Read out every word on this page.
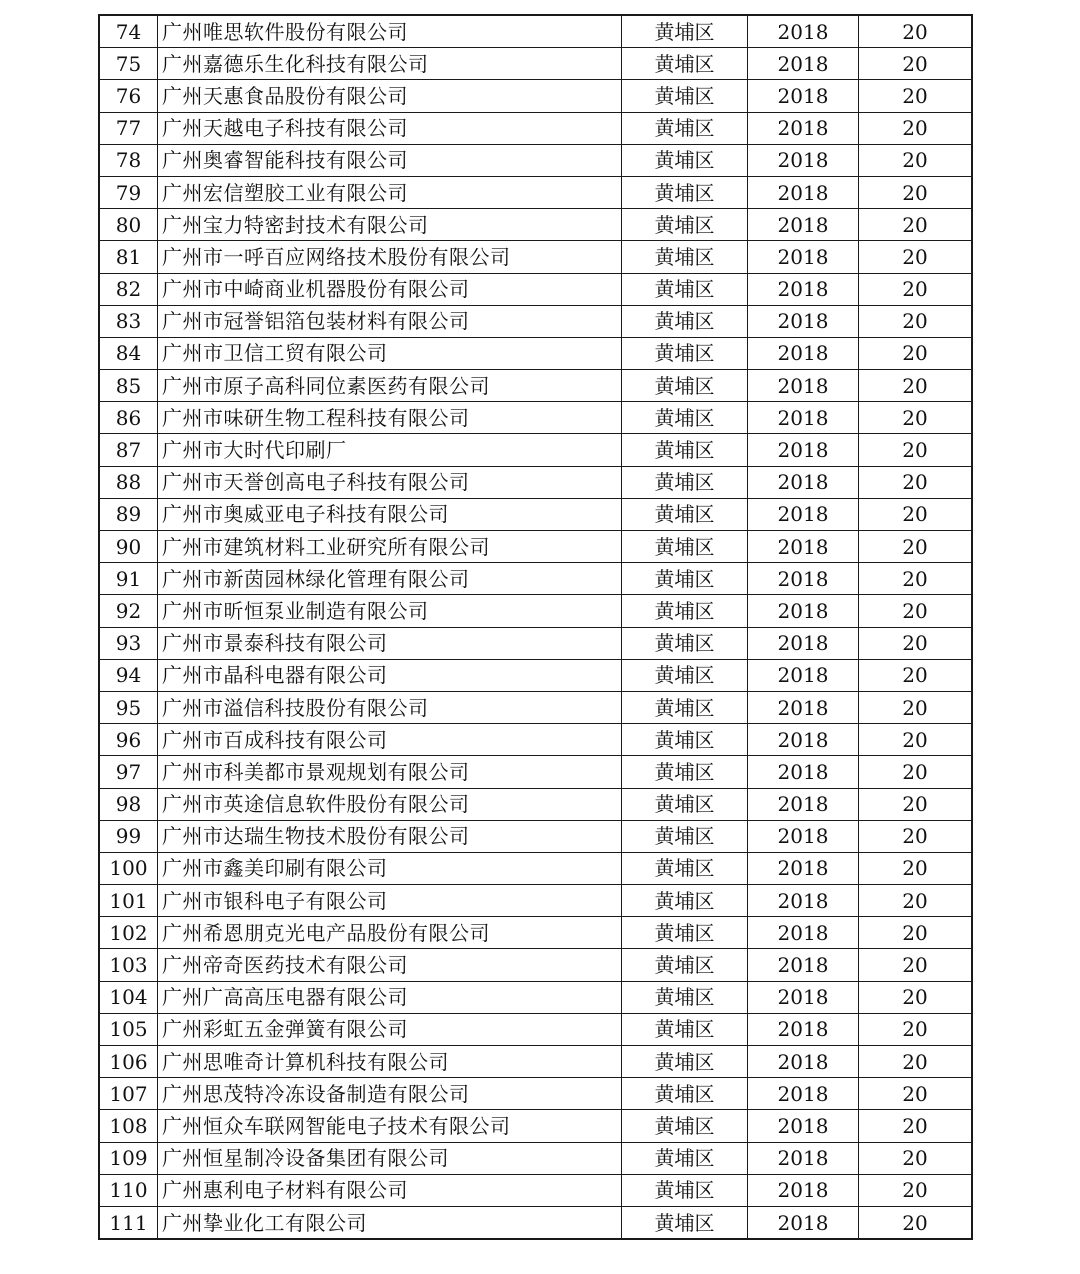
74	广州唯思软件股份有限公司	黄埔区	2018	20
75	广州嘉德乐生化科技有限公司	黄埔区	2018	20
76	广州天惠食品股份有限公司	黄埔区	2018	20
77	广州天越电子科技有限公司	黄埔区	2018	20
78	广州奥睿智能科技有限公司	黄埔区	2018	20
79	广州宏信塑胶工业有限公司	黄埔区	2018	20
80	广州宝力特密封技术有限公司	黄埔区	2018	20
81	广州市一呼百应网络技术股份有限公司	黄埔区	2018	20
82	广州市中崎商业机器股份有限公司	黄埔区	2018	20
83	广州市冠誉铝箔包装材料有限公司	黄埔区	2018	20
84	广州市卫信工贸有限公司	黄埔区	2018	20
85	广州市原子高科同位素医药有限公司	黄埔区	2018	20
86	广州市味研生物工程科技有限公司	黄埔区	2018	20
87	广州市大时代印刷厂	黄埔区	2018	20
88	广州市天誉创高电子科技有限公司	黄埔区	2018	20
89	广州市奥威亚电子科技有限公司	黄埔区	2018	20
90	广州市建筑材料工业研究所有限公司	黄埔区	2018	20
91	广州市新茵园林绿化管理有限公司	黄埔区	2018	20
92	广州市昕恒泵业制造有限公司	黄埔区	2018	20
93	广州市景泰科技有限公司	黄埔区	2018	20
94	广州市晶科电器有限公司	黄埔区	2018	20
95	广州市溢信科技股份有限公司	黄埔区	2018	20
96	广州市百成科技有限公司	黄埔区	2018	20
97	广州市科美都市景观规划有限公司	黄埔区	2018	20
98	广州市英途信息软件股份有限公司	黄埔区	2018	20
99	广州市达瑞生物技术股份有限公司	黄埔区	2018	20
100	广州市鑫美印刷有限公司	黄埔区	2018	20
101	广州市银科电子有限公司	黄埔区	2018	20
102	广州希恩朋克光电产品股份有限公司	黄埔区	2018	20
103	广州帝奇医药技术有限公司	黄埔区	2018	20
104	广州广高高压电器有限公司	黄埔区	2018	20
105	广州彩虹五金弹簧有限公司	黄埔区	2018	20
106	广州思唯奇计算机科技有限公司	黄埔区	2018	20
107	广州思茂特冷冻设备制造有限公司	黄埔区	2018	20
108	广州恒众车联网智能电子技术有限公司	黄埔区	2018	20
109	广州恒星制冷设备集团有限公司	黄埔区	2018	20
110	广州惠利电子材料有限公司	黄埔区	2018	20
111	广州挚业化工有限公司	黄埔区	2018	20
